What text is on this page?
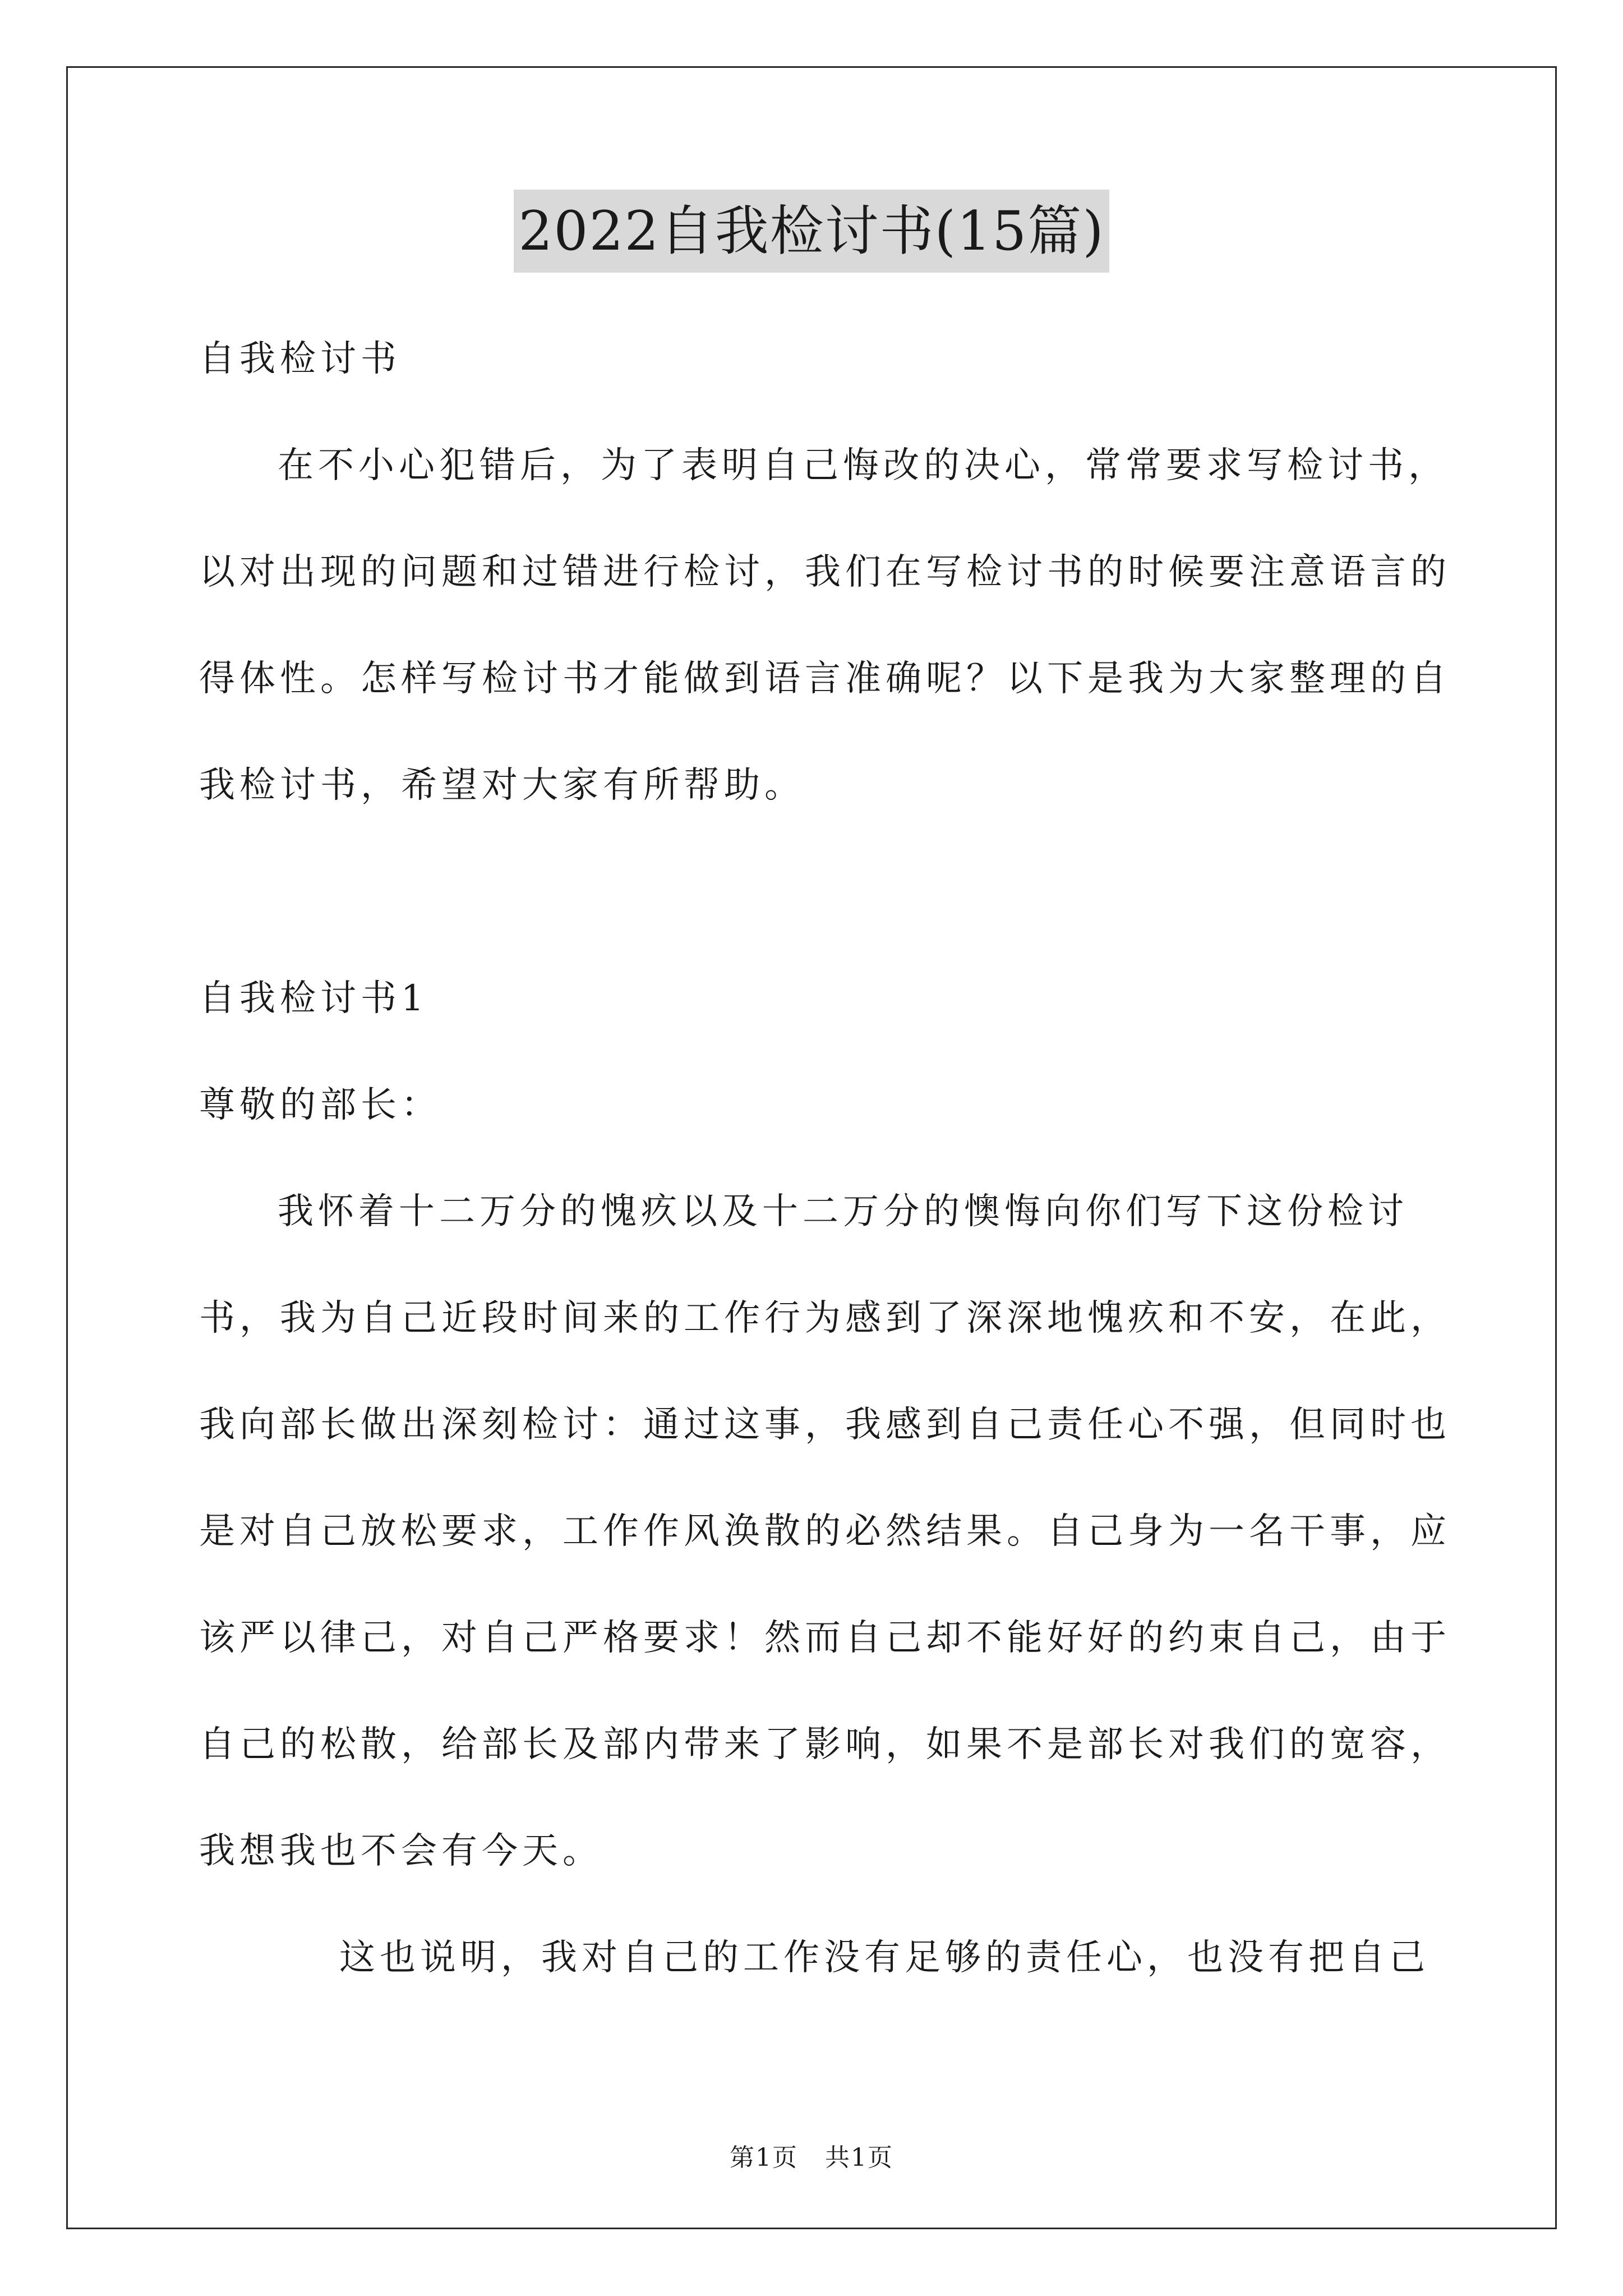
2022自我检讨书(15篇)

自我检讨书

在不小心犯错后，为了表明自己悔改的决心，常常要求写检讨书，以对出现的问题和过错进行检讨，我们在写检讨书的时候要注意语言的得体性。怎样写检讨书才能做到语言准确呢？以下是我为大家整理的自我检讨书，希望对大家有所帮助。

自我检讨书1

尊敬的部长：

我怀着十二万分的愧疚以及十二万分的懊悔向你们写下这份检讨书，我为自己近段时间来的工作行为感到了深深地愧疚和不安，在此，我向部长做出深刻检讨：通过这事，我感到自己责任心不强，但同时也是对自己放松要求，工作作风涣散的必然结果。自己身为一名干事，应该严以律己，对自己严格要求！然而自己却不能好好的约束自己，由于自己的松散，给部长及部内带来了影响，如果不是部长对我们的宽容，我想我也不会有今天。

这也说明，我对自己的工作没有足够的责任心，也没有把自己

第1页 共1页
